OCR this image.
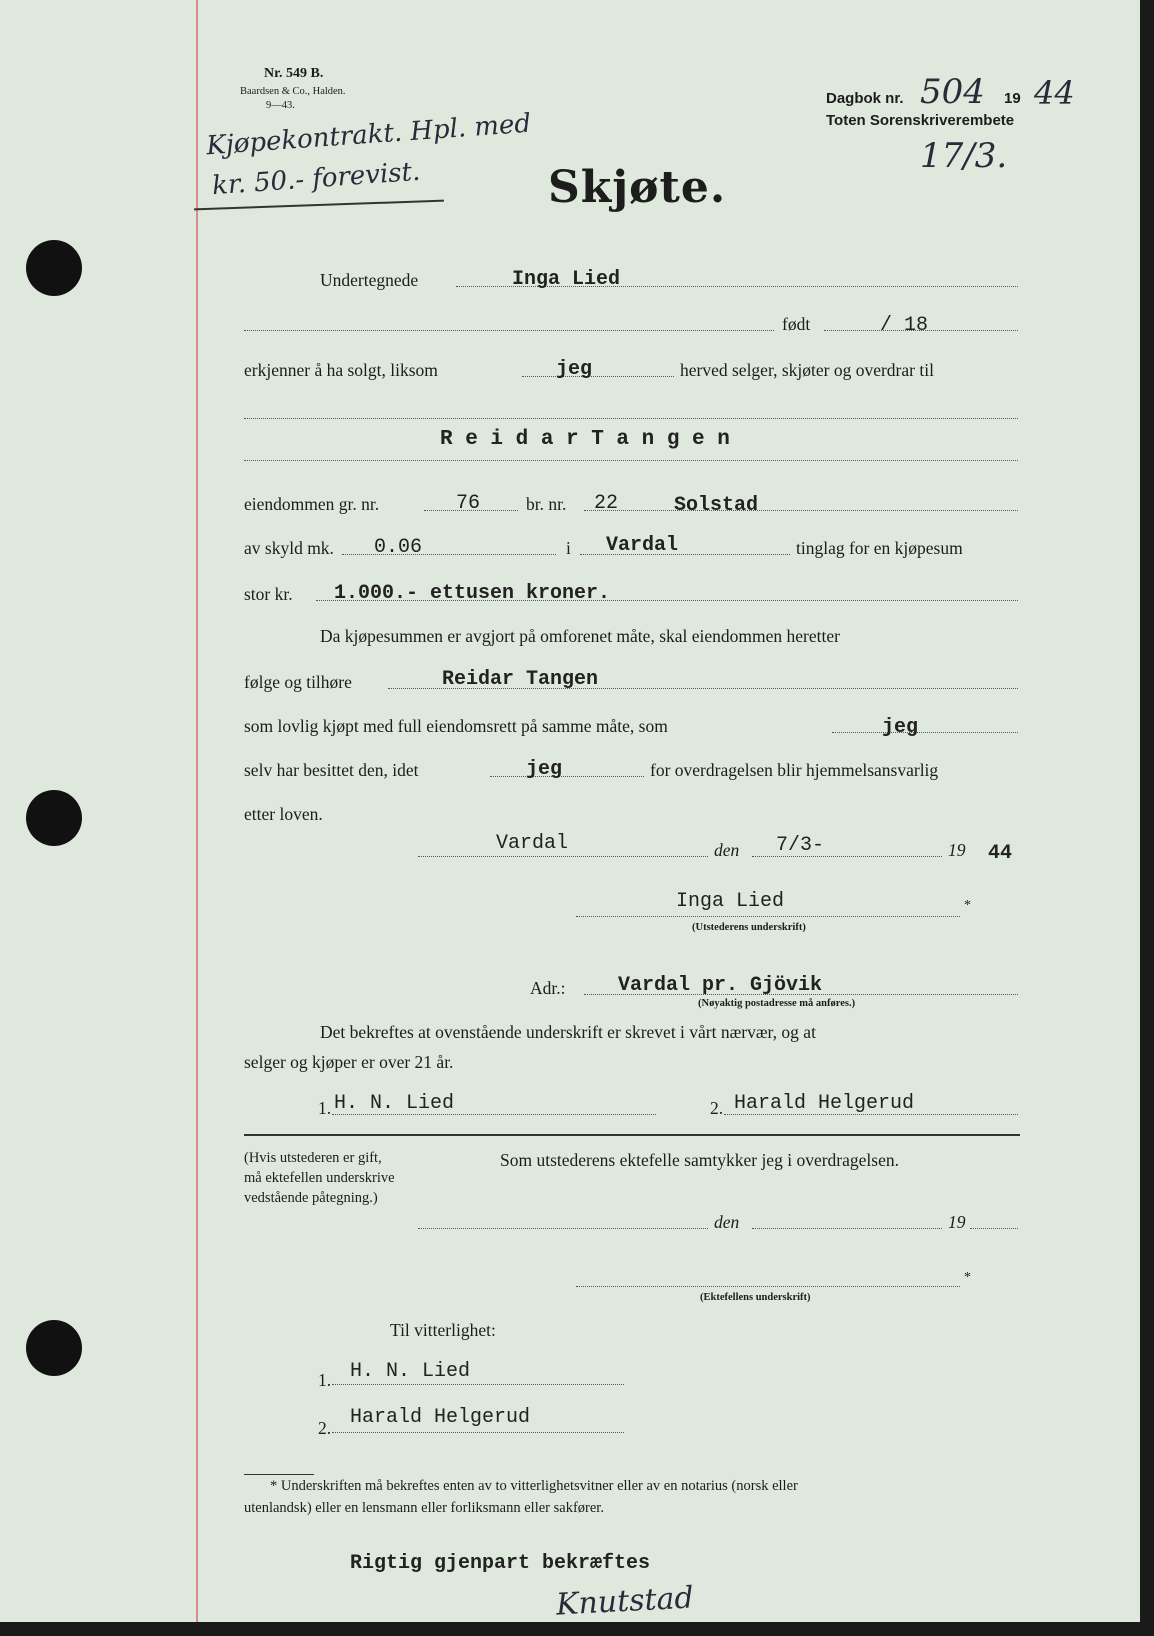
Nr. 549 B.
Baardsen & Co., Halden.
9—43.
Kjøpekontrakt. Hpl. med
kr. 50.- forevist.
Dagbok nr. 504 19 44
Toten Sorenskriverembete
17/3.
Skjøte.
Undertegnede	Inga Lied
født	/ 18
erkjenner å ha solgt, liksom	jeg	herved selger, skjøter og overdrar til
R e i d a r T a n g e n
eiendommen gr. nr.	76	br. nr. 22	Solstad
av skyld mk. 0.06	i Vardal	tinglag for en kjøpesum
stor kr. 1.000.- ettusen kroner.
Da kjøpesummen er avgjort på omforenet måte, skal eiendommen heretter
følge og tilhøre	Reidar Tangen
som lovlig kjøpt med full eiendomsrett på samme måte, som	jeg
selv har besittet den, idet	jeg	for overdragelsen blir hjemmelsansvarlig
etter loven.
Vardal	den 7/3-	19 44
Inga Lied	*
(Utstederens underskrift)
Adr.:	Vardal pr. Gjövik
(Nøyaktig postadresse må anføres.)
Det bekreftes at ovenstående underskrift er skrevet i vårt nærvær, og at
selger og kjøper er over 21 år.
1. H. N. Lied	2. Harald Helgerud
(Hvis utstederen er gift,
må ektefellen underskrive
vedstående påtegning.)
Som utstederens ektefelle samtykker jeg i overdragelsen.
den	19
*
(Ektefellens underskrift)
Til vitterlighet:
1. H. N. Lied
2. Harald Helgerud
* Underskriften må bekreftes enten av to vitterlighetsvitner eller av en notarius (norsk eller
utenlandsk) eller en lensmann eller forliksmann eller sakfører.
Rigtig gjenpart bekræftes
Knutstad
